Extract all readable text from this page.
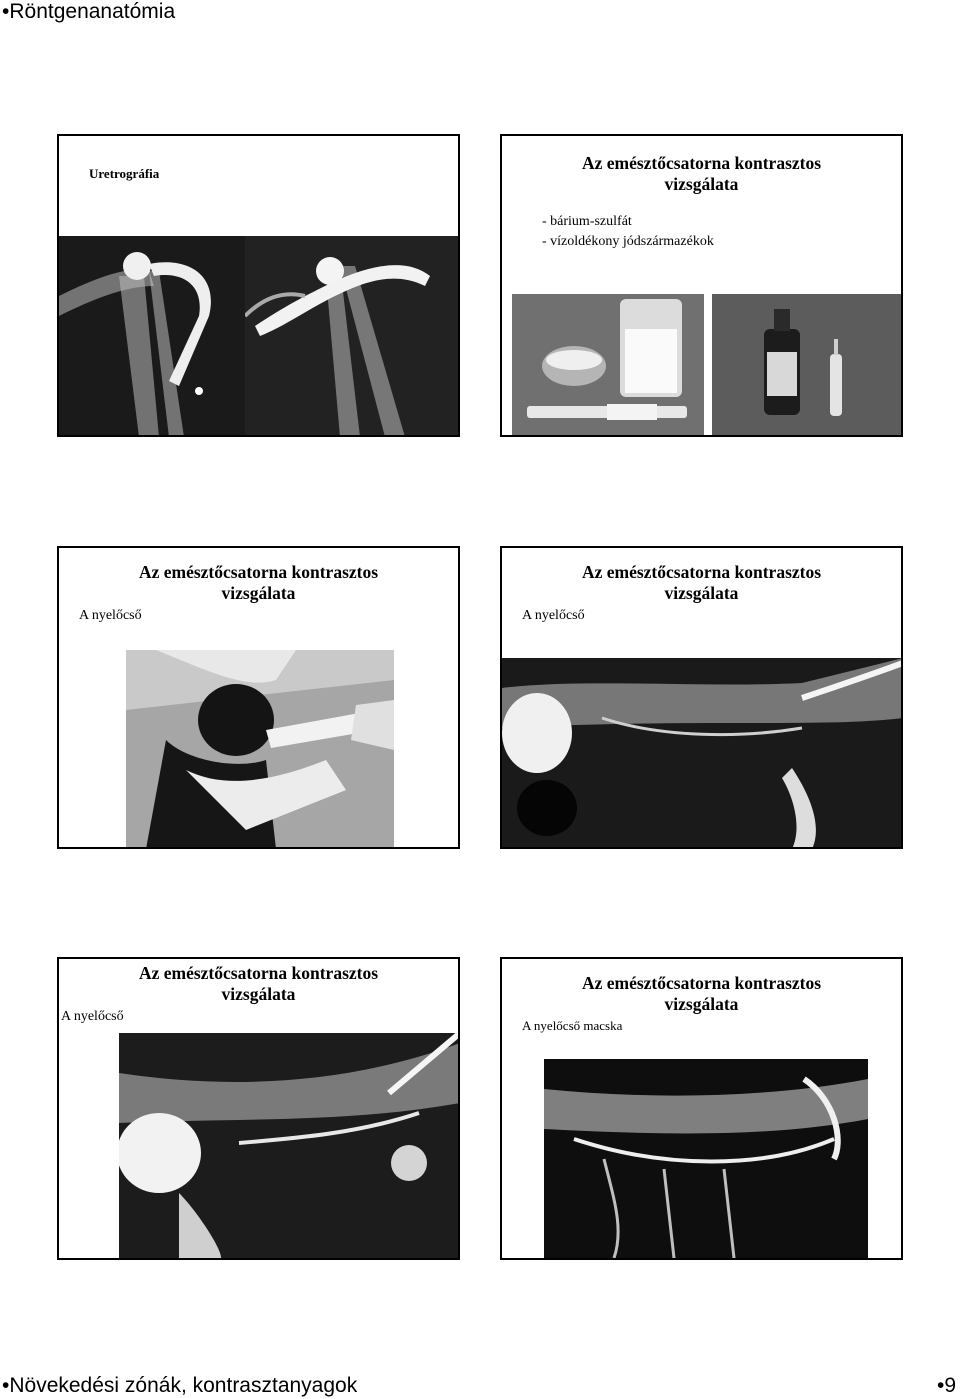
•Röntgenanatómia
Uretrográfia
Az emésztőcsatorna kontrasztos
vizsgálata
- bárium-szulfát
- vízoldékony jódszármazékok
Az emésztőcsatorna kontrasztos
vizsgálata
A nyelőcső
Az emésztőcsatorna kontrasztos
vizsgálata
A nyelőcső
Az emésztőcsatorna kontrasztos
vizsgálata
A nyelőcső
Az emésztőcsatorna kontrasztos
vizsgálata
A nyelőcső macska
•Növekedési zónák, kontrasztanyagok	•9
